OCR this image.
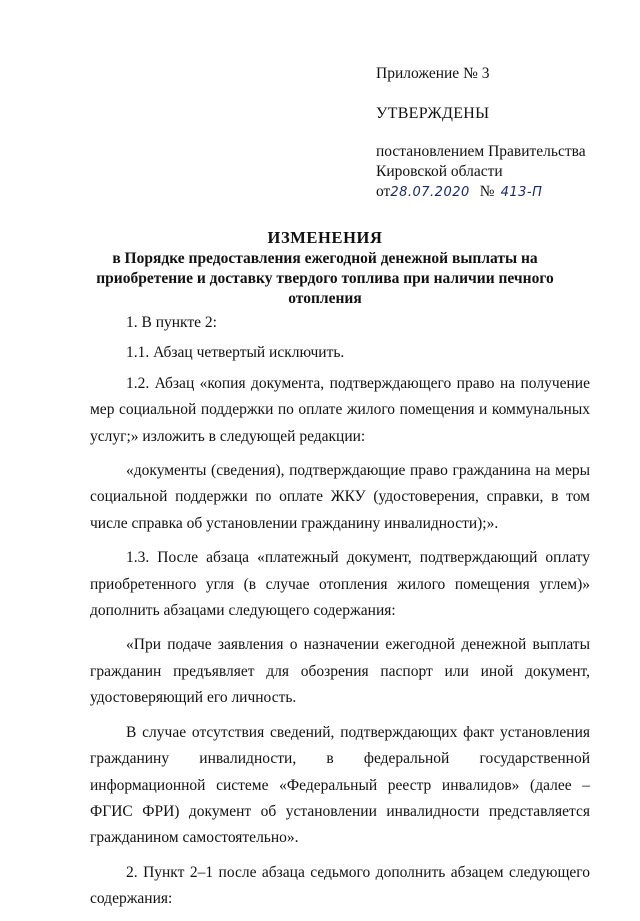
Приложение № 3
УТВЕРЖДЕНЫ
постановлением Правительства
Кировской области
от28.07.2020 № 413-П
ИЗМЕНЕНИЯ
в Порядке предоставления ежегодной денежной выплаты на
приобретение и доставку твердого топлива при наличии печного
отопления

1. В пункте 2:

1.1. Абзац четвертый исключить.

1.2. Абзац «копия документа, подтверждающего право на получение мер социальной поддержки по оплате жилого помещения и коммунальных услуг;» изложить в следующей редакции:

«документы (сведения), подтверждающие право гражданина на меры социальной поддержки по оплате ЖКУ (удостоверения, справки, в том числе справка об установлении гражданину инвалидности);».

1.3. После абзаца «платежный документ, подтверждающий оплату приобретенного угля (в случае отопления жилого помещения углем)» дополнить абзацами следующего содержания:

«При подаче заявления о назначении ежегодной денежной выплаты гражданин предъявляет для обозрения паспорт или иной документ, удостоверяющий его личность.

В случае отсутствия сведений, подтверждающих факт установления гражданину инвалидности, в федеральной государственной информационной системе «Федеральный реестр инвалидов» (далее – ФГИС ФРИ) документ об установлении инвалидности представляется гражданином самостоятельно».

2. Пункт 2–1 после абзаца седьмого дополнить абзацем следующего содержания:
